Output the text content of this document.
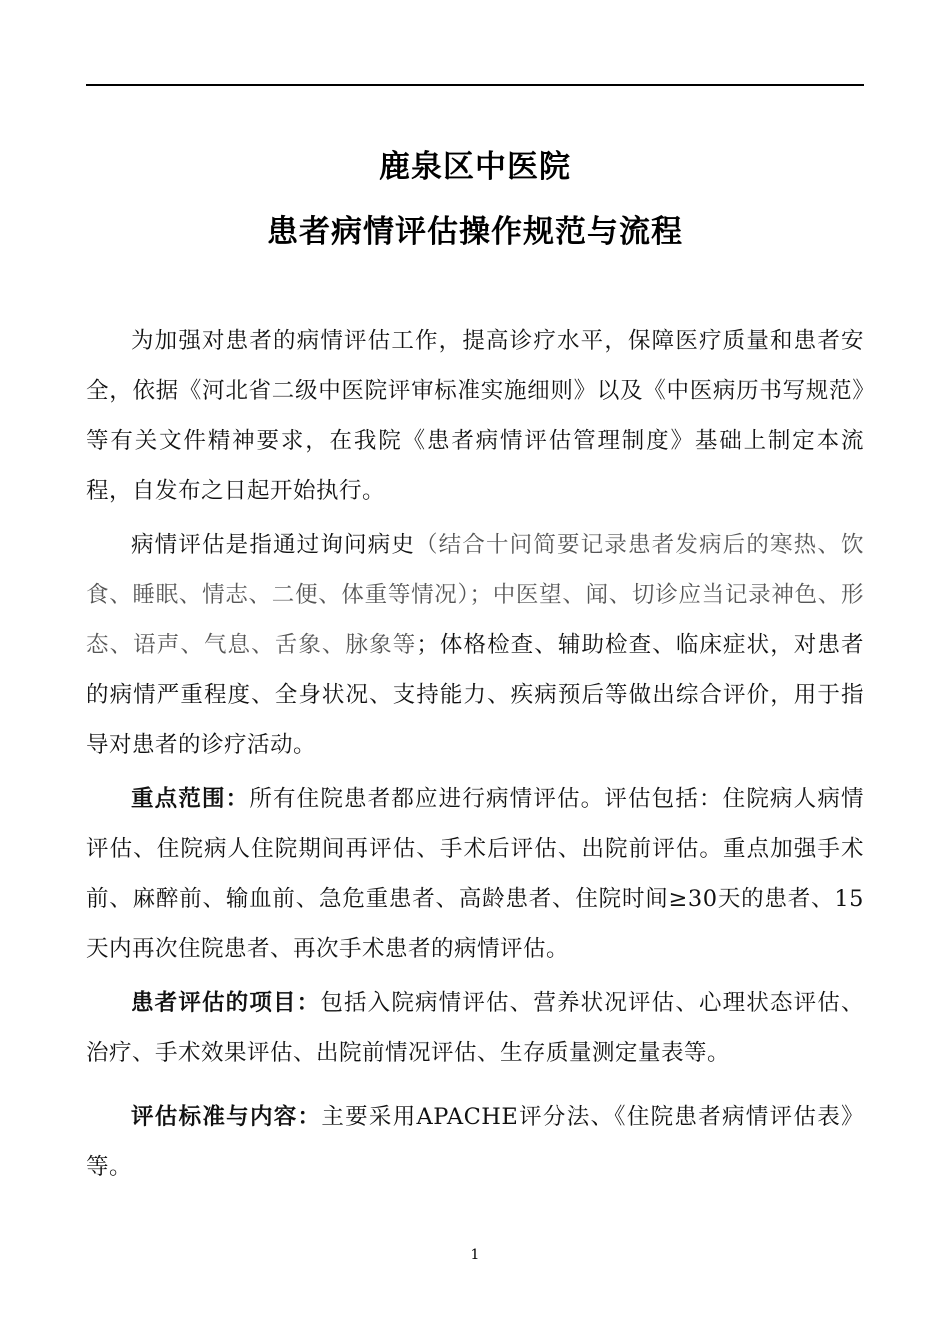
鹿泉区中医院
患者病情评估操作规范与流程

为加强对患者的病情评估工作，提高诊疗水平，保障医疗质量和患者安全，依据《河北省二级中医院评审标准实施细则》以及《中医病历书写规范》等有关文件精神要求，在我院《患者病情评估管理制度》基础上制定本流程，自发布之日起开始执行。

病情评估是指通过询问病史（结合十问简要记录患者发病后的寒热、饮食、睡眠、情志、二便、体重等情况）；中医望、闻、切诊应当记录神色、形态、语声、气息、舌象、脉象等；体格检查、辅助检查、临床症状，对患者的病情严重程度、全身状况、支持能力、疾病预后等做出综合评价，用于指导对患者的诊疗活动。

重点范围：所有住院患者都应进行病情评估。评估包括：住院病人病情评估、住院病人住院期间再评估、手术后评估、出院前评估。重点加强手术前、麻醉前、输血前、急危重患者、高龄患者、住院时间≥30天的患者、15天内再次住院患者、再次手术患者的病情评估。

患者评估的项目：包括入院病情评估、营养状况评估、心理状态评估、治疗、手术效果评估、出院前情况评估、生存质量测定量表等。

评估标准与内容：主要采用APACHE评分法、《住院患者病情评估表》等。

1
